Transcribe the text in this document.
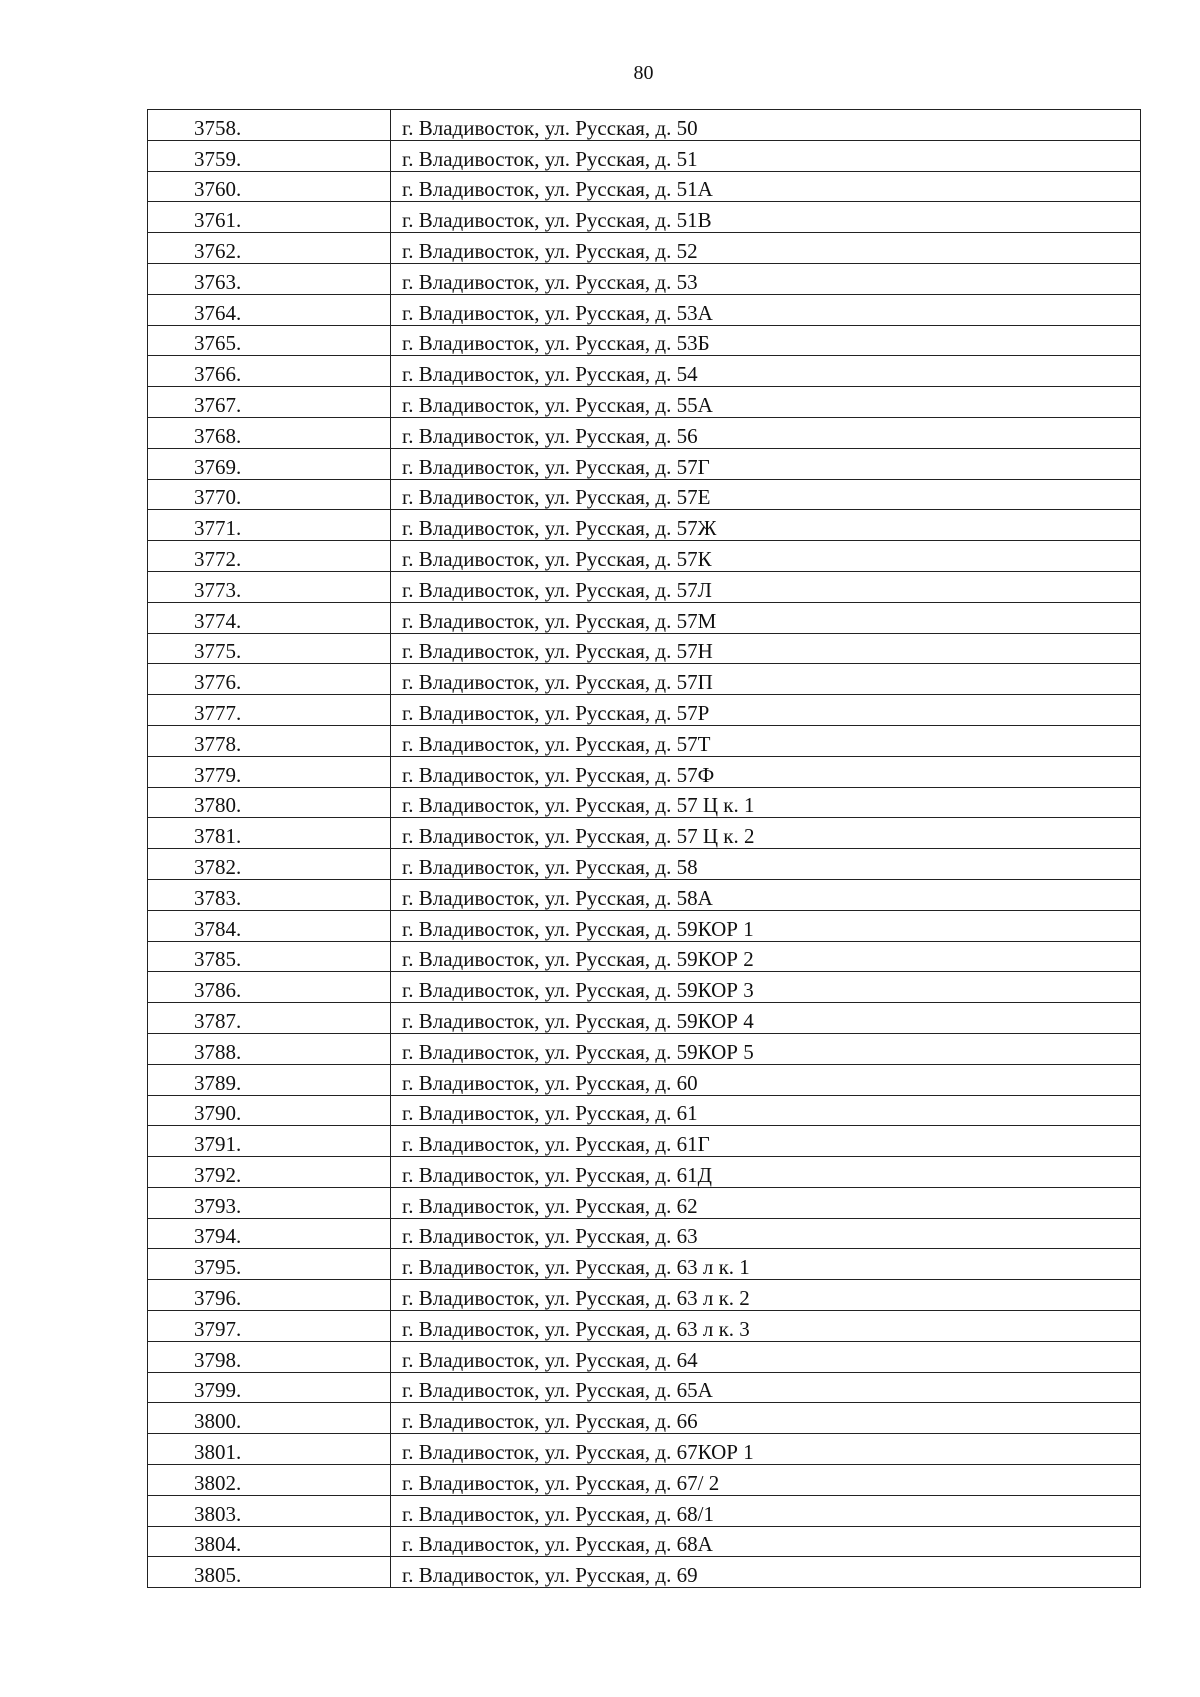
80
3758.	г. Владивосток, ул. Русская, д. 50
3759.	г. Владивосток, ул. Русская, д. 51
3760.	г. Владивосток, ул. Русская, д. 51А
3761.	г. Владивосток, ул. Русская, д. 51В
3762.	г. Владивосток, ул. Русская, д. 52
3763.	г. Владивосток, ул. Русская, д. 53
3764.	г. Владивосток, ул. Русская, д. 53А
3765.	г. Владивосток, ул. Русская, д. 53Б
3766.	г. Владивосток, ул. Русская, д. 54
3767.	г. Владивосток, ул. Русская, д. 55А
3768.	г. Владивосток, ул. Русская, д. 56
3769.	г. Владивосток, ул. Русская, д. 57Г
3770.	г. Владивосток, ул. Русская, д. 57Е
3771.	г. Владивосток, ул. Русская, д. 57Ж
3772.	г. Владивосток, ул. Русская, д. 57К
3773.	г. Владивосток, ул. Русская, д. 57Л
3774.	г. Владивосток, ул. Русская, д. 57М
3775.	г. Владивосток, ул. Русская, д. 57Н
3776.	г. Владивосток, ул. Русская, д. 57П
3777.	г. Владивосток, ул. Русская, д. 57Р
3778.	г. Владивосток, ул. Русская, д. 57Т
3779.	г. Владивосток, ул. Русская, д. 57Ф
3780.	г. Владивосток, ул. Русская, д. 57 Ц к. 1
3781.	г. Владивосток, ул. Русская, д. 57 Ц к. 2
3782.	г. Владивосток, ул. Русская, д. 58
3783.	г. Владивосток, ул. Русская, д. 58А
3784.	г. Владивосток, ул. Русская, д. 59КОР 1
3785.	г. Владивосток, ул. Русская, д. 59КОР 2
3786.	г. Владивосток, ул. Русская, д. 59КОР 3
3787.	г. Владивосток, ул. Русская, д. 59КОР 4
3788.	г. Владивосток, ул. Русская, д. 59КОР 5
3789.	г. Владивосток, ул. Русская, д. 60
3790.	г. Владивосток, ул. Русская, д. 61
3791.	г. Владивосток, ул. Русская, д. 61Г
3792.	г. Владивосток, ул. Русская, д. 61Д
3793.	г. Владивосток, ул. Русская, д. 62
3794.	г. Владивосток, ул. Русская, д. 63
3795.	г. Владивосток, ул. Русская, д. 63 л к. 1
3796.	г. Владивосток, ул. Русская, д. 63 л к. 2
3797.	г. Владивосток, ул. Русская, д. 63 л к. 3
3798.	г. Владивосток, ул. Русская, д. 64
3799.	г. Владивосток, ул. Русская, д. 65А
3800.	г. Владивосток, ул. Русская, д. 66
3801.	г. Владивосток, ул. Русская, д. 67КОР 1
3802.	г. Владивосток, ул. Русская, д. 67/ 2
3803.	г. Владивосток, ул. Русская, д. 68/1
3804.	г. Владивосток, ул. Русская, д. 68А
3805.	г. Владивосток, ул. Русская, д. 69
